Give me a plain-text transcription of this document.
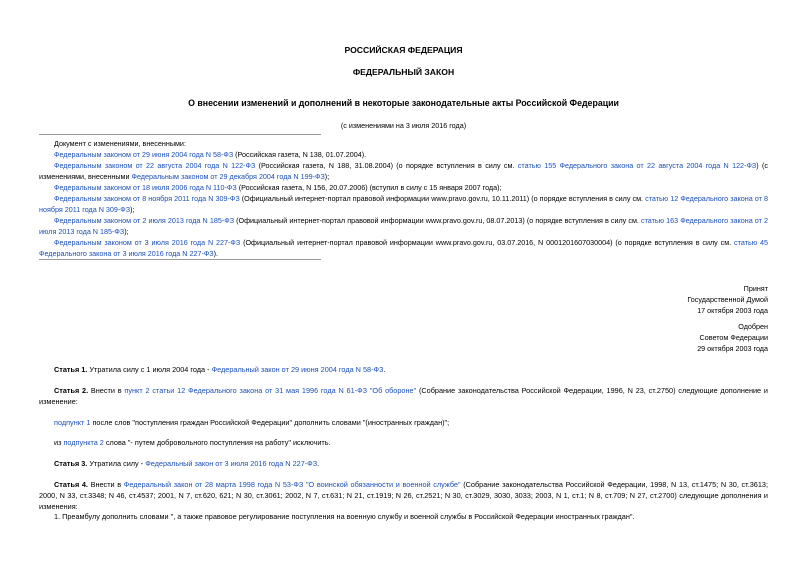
РОССИЙСКАЯ ФЕДЕРАЦИЯ
ФЕДЕРАЛЬНЫЙ ЗАКОН
О внесении изменений и дополнений в некоторые законодательные акты Российской Федерации
(с изменениями на 3 июля 2016 года)

Документ с изменениями, внесенными:

Федеральным законом от 29 июня 2004 года N 58-ФЗ (Российская газета, N 138, 01.07.2004).

Федеральным законом от 22 августа 2004 года N 122-ФЗ (Российская газета, N 188, 31.08.2004) (о порядке вступления в силу см. статью 155 Федерального закона от 22 августа 2004 года N 122-ФЗ) (с изменениями, внесенными Федеральным законом от 29 декабря 2004 года N 199-ФЗ);

Федеральным законом от 18 июля 2006 года N 110-ФЗ (Российская газета, N 156, 20.07.2006) (вступил в силу с 15 января 2007 года);

Федеральным законом от 8 ноября 2011 года N 309-ФЗ (Официальный интернет-портал правовой информации www.pravo.gov.ru, 10.11.2011) (о порядке вступления в силу см. статью 12 Федерального закона от 8 ноября 2011 года N 309-ФЗ);

Федеральным законом от 2 июля 2013 года N 185-ФЗ (Официальный интернет-портал правовой информации www.pravo.gov.ru, 08.07.2013) (о порядке вступления в силу см. статью 163 Федерального закона от 2 июля 2013 года N 185-ФЗ);

Федеральным законом от 3 июля 2016 года N 227-ФЗ (Официальный интернет-портал правовой информации www.pravo.gov.ru, 03.07.2016, N 0001201607030004) (о порядке вступления в силу см. статью 45 Федерального закона от 3 июля 2016 года N 227-ФЗ).

Принят
Государственной Думой
17 октября 2003 года
Одобрен
Советом Федерации
29 октября 2003 года

Статья 1. Утратила силу с 1 июля 2004 года - Федеральный закон от 29 июня 2004 года N 58-ФЗ.

Статья 2. Внести в пункт 2 статьи 12 Федерального закона от 31 мая 1996 года N 61-ФЗ "Об обороне" (Собрание законодательства Российской Федерации, 1996, N 23, ст.2750) следующие дополнение и изменение:

подпункт 1 после слов "поступления граждан Российской Федерации" дополнить словами "(иностранных граждан)";

из подпункта 2 слова "- путем добровольного поступления на работу" исключить.

Статья 3. Утратила силу - Федеральный закон от 3 июля 2016 года N 227-ФЗ.

Статья 4. Внести в Федеральный закон от 28 марта 1998 года N 53-ФЗ "О воинской обязанности и военной службе" (Собрание законодательства Российской Федерации, 1998, N 13, ст.1475; N 30, ст.3613; 2000, N 33, ст.3348; N 46, ст.4537; 2001, N 7, ст.620, 621; N 30, ст.3061; 2002, N 7, ст.631; N 21, ст.1919; N 26, ст.2521; N 30, ст.3029, 3030, 3033; 2003, N 1, ст.1; N 8, ст.709; N 27, ст.2700) следующие дополнения и изменения:

1. Преамбулу дополнить словами ", а также правовое регулирование поступления на военную службу и военной службы в Российской Федерации иностранных граждан".
